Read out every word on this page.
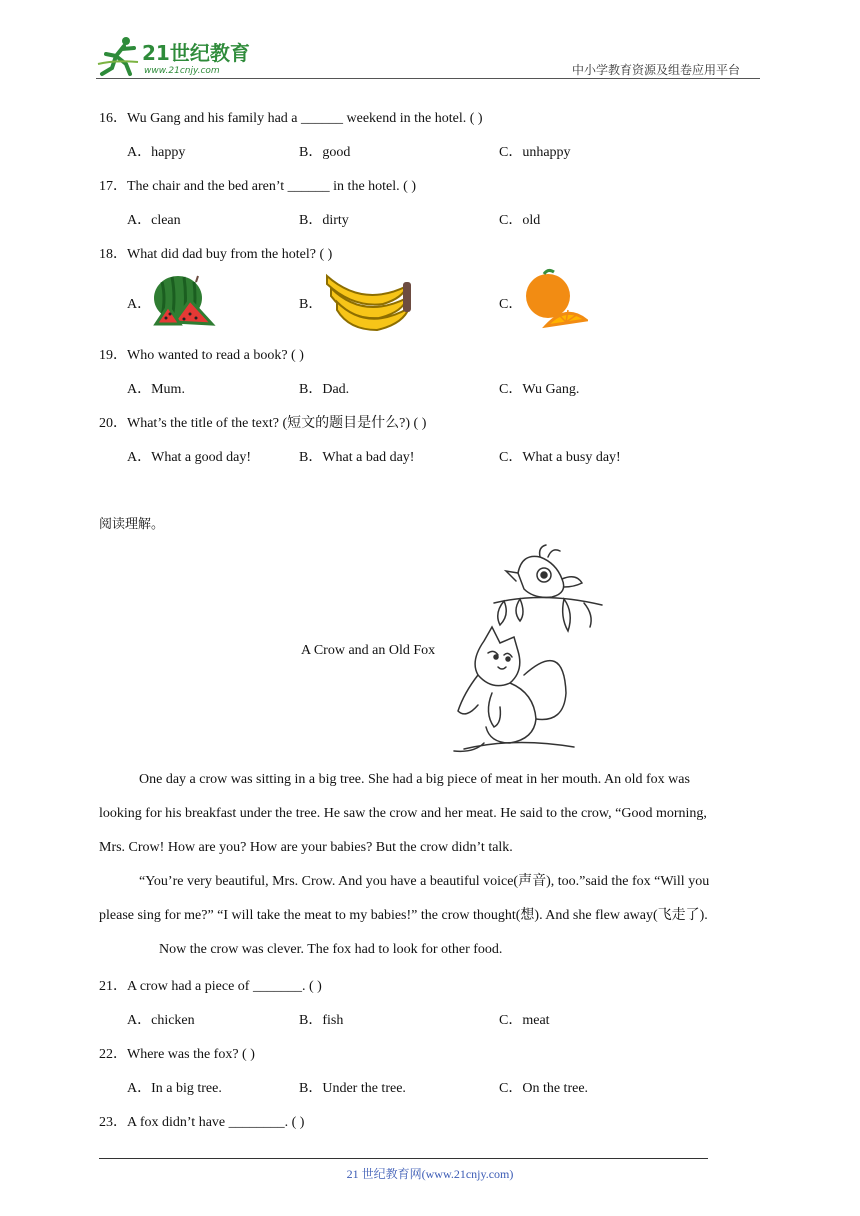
21世纪教育
www.21cnjy.com	中小学教育资源及组卷应用平台
16．Wu Gang and his family had a ______ weekend in the hotel. ( )
A．happy	B．good	C．unhappy
17．The chair and the bed aren’t ______ in the hotel. ( )
A．clean	B．dirty	C．old
18．What did dad buy from the hotel? ( )
A．	B．	C．
19．Who wanted to read a book? ( )
A．Mum.	B．Dad.	C．Wu Gang.
20．What’s the title of the text? (短文的题目是什么?) ( )
A．What a good day!	B．What a bad day!	C．What a busy day!
阅读理解。
A Crow and an Old Fox
One day a crow was sitting in a big tree. She had a big piece of meat in her mouth. An old fox was
looking for his breakfast under the tree. He saw the crow and her meat. He said to the crow, “Good morning,
Mrs. Crow! How are you? How are your babies? But the crow didn’t talk.
“You’re very beautiful, Mrs. Crow. And you have a beautiful voice(声音), too.”said the fox “Will you
please sing for me?” “I will take the meat to my babies!” the crow thought(想). And she flew away(飞走了).
Now the crow was clever. The fox had to look for other food.
21．A crow had a piece of _______. ( )
A．chicken	B．fish	C．meat
22．Where was the fox? ( )
A．In a big tree.	B．Under the tree.	C．On the tree.
23．A fox didn’t have ________. ( )
21 世纪教育网(www.21cnjy.com)
